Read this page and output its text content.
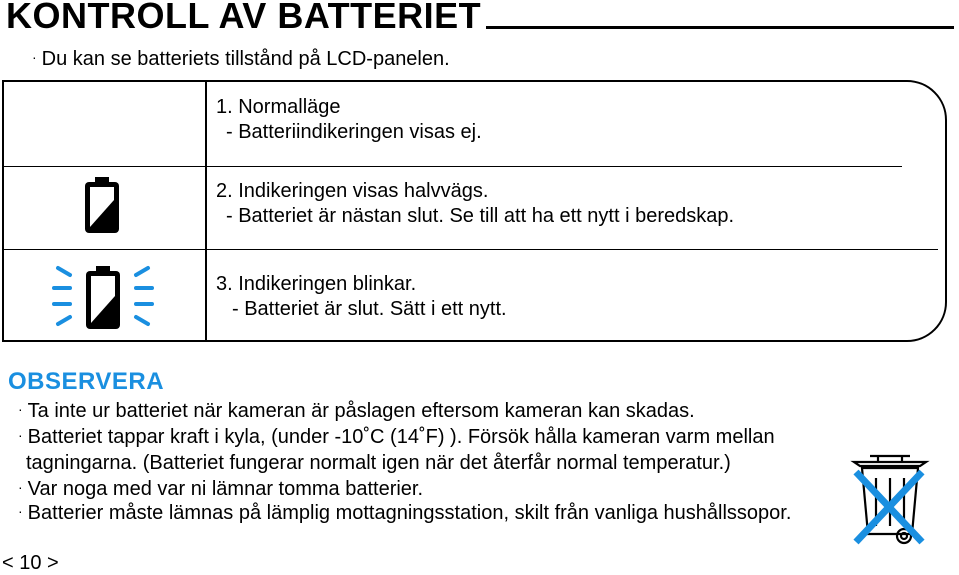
KONTROLL AV BATTERIET
· Du kan se batteriets tillstånd på LCD-panelen.
1. Normalläge
- Batteriindikeringen visas ej.
2. Indikeringen visas halvvägs.
- Batteriet är nästan slut. Se till att ha ett nytt i beredskap.
3. Indikeringen blinkar.
- Batteriet är slut. Sätt i ett nytt.
OBSERVERA
· Ta inte ur batteriet när kameran är påslagen eftersom kameran kan skadas.
· Batteriet tappar kraft i kyla, (under -10˚C (14˚F) ). Försök hålla kameran varm mellan
tagningarna. (Batteriet fungerar normalt igen när det återfår normal temperatur.)
· Var noga med var ni lämnar tomma batterier.
· Batterier måste lämnas på lämplig mottagningsstation, skilt från vanliga hushållssopor.
< 10 >
